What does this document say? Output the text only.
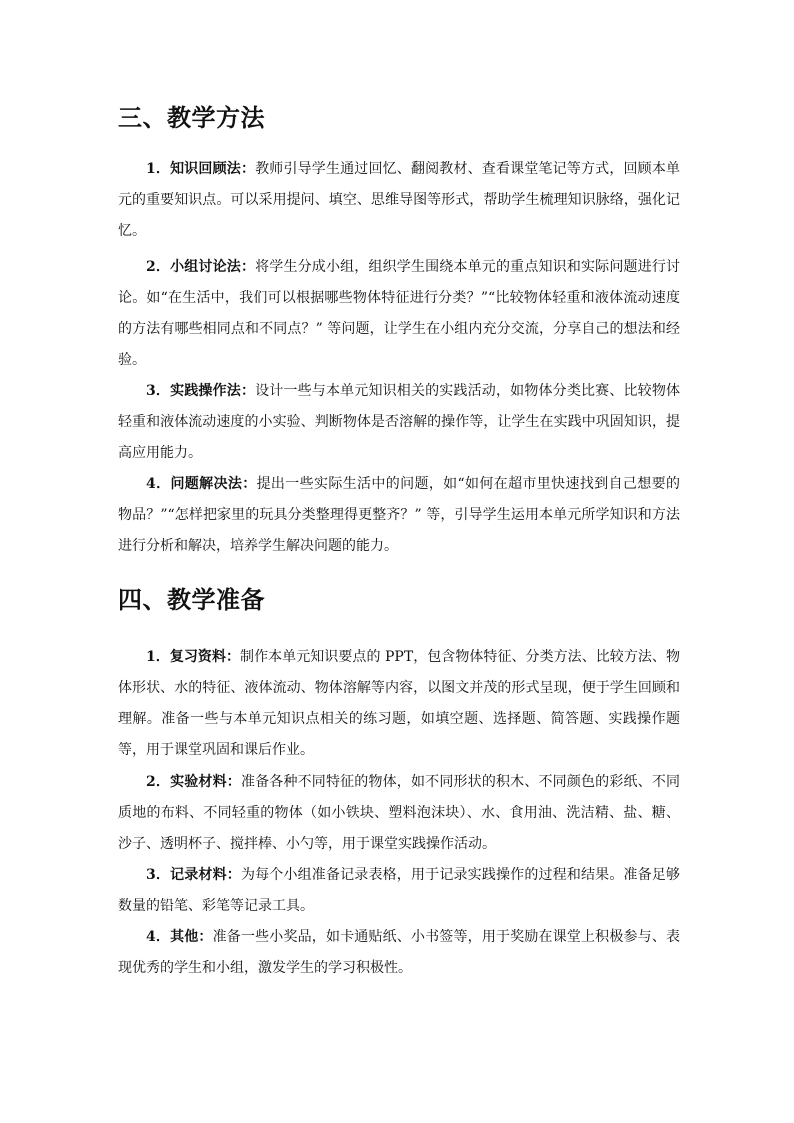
三、教学方法

1．知识回顾法：教师引导学生通过回忆、翻阅教材、查看课堂笔记等方式，回顾本单元的重要知识点。可以采用提问、填空、思维导图等形式，帮助学生梳理知识脉络，强化记忆。

2．小组讨论法：将学生分成小组，组织学生围绕本单元的重点知识和实际问题进行讨论。如“在生活中，我们可以根据哪些物体特征进行分类？”“比较物体轻重和液体流动速度的方法有哪些相同点和不同点？” 等问题，让学生在小组内充分交流，分享自己的想法和经验。

3．实践操作法：设计一些与本单元知识相关的实践活动，如物体分类比赛、比较物体轻重和液体流动速度的小实验、判断物体是否溶解的操作等，让学生在实践中巩固知识，提高应用能力。

4．问题解决法：提出一些实际生活中的问题，如“如何在超市里快速找到自己想要的物品？”“怎样把家里的玩具分类整理得更整齐？” 等，引导学生运用本单元所学知识和方法进行分析和解决，培养学生解决问题的能力。

四、教学准备

1．复习资料：制作本单元知识要点的 PPT，包含物体特征、分类方法、比较方法、物体形状、水的特征、液体流动、物体溶解等内容，以图文并茂的形式呈现，便于学生回顾和理解。准备一些与本单元知识点相关的练习题，如填空题、选择题、简答题、实践操作题等，用于课堂巩固和课后作业。

2．实验材料：准备各种不同特征的物体，如不同形状的积木、不同颜色的彩纸、不同质地的布料、不同轻重的物体（如小铁块、塑料泡沫块）、水、食用油、洗洁精、盐、糖、沙子、透明杯子、搅拌棒、小勺等，用于课堂实践操作活动。

3．记录材料：为每个小组准备记录表格，用于记录实践操作的过程和结果。准备足够数量的铅笔、彩笔等记录工具。

4．其他：准备一些小奖品，如卡通贴纸、小书签等，用于奖励在课堂上积极参与、表现优秀的学生和小组，激发学生的学习积极性。
